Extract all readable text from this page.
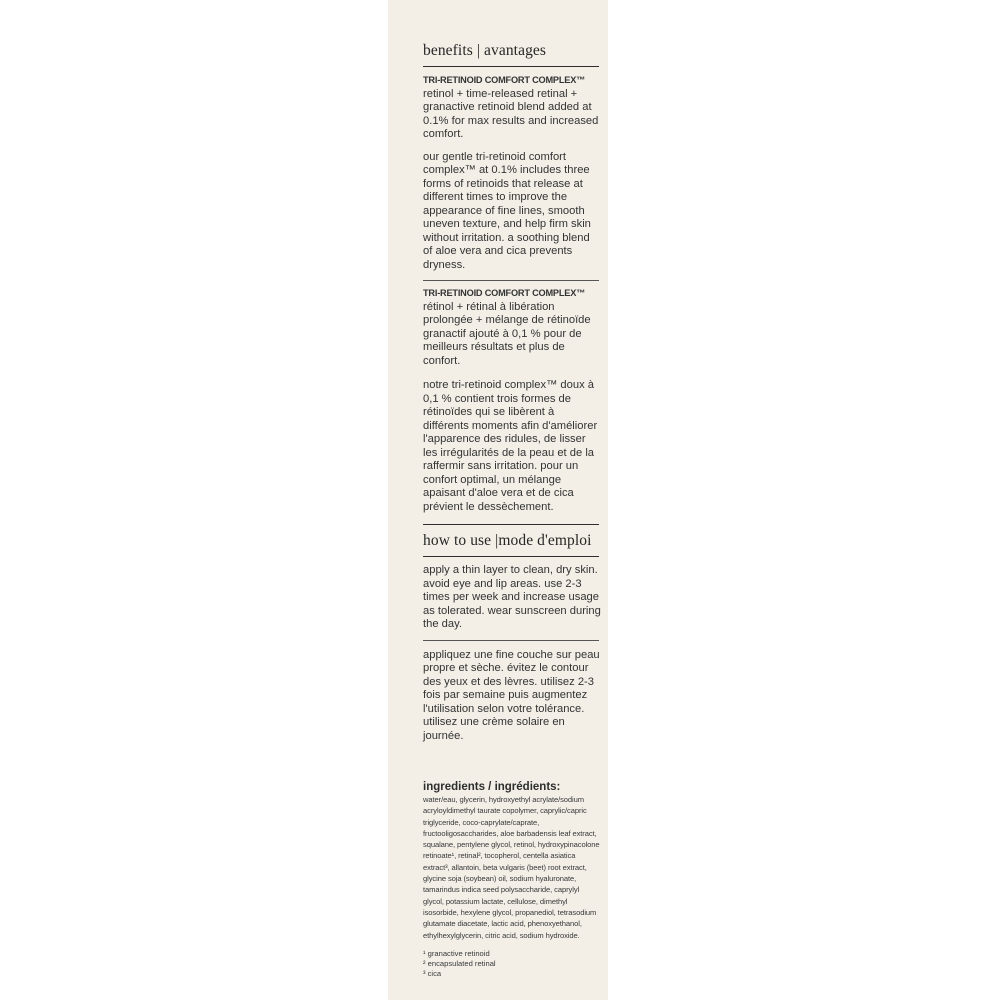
benefits | avantages
TRI-RETINOID COMFORT COMPLEX™
retinol + time-released retinal + granactive retinoid blend added at 0.1% for max results and increased comfort.
our gentle tri-retinoid comfort complex™ at 0.1% includes three forms of retinoids that release at different times to improve the appearance of fine lines, smooth uneven texture, and help firm skin without irritation. a soothing blend of aloe vera and cica prevents dryness.
TRI-RETINOID COMFORT COMPLEX™
rétinol + rétinal à libération prolongée + mélange de rétinoïde granactif ajouté à 0,1 % pour de meilleurs résultats et plus de confort.
notre tri-retinoid complex™ doux à 0,1 % contient trois formes de rétinoïdes qui se libèrent à différents moments afin d'améliorer l'apparence des ridules, de lisser les irrégularités de la peau et de la raffermir sans irritation. pour un confort optimal, un mélange apaisant d'aloe vera et de cica prévient le dessèchement.
how to use |mode d'emploi
apply a thin layer to clean, dry skin. avoid eye and lip areas. use 2-3 times per week and increase usage as tolerated. wear sunscreen during the day.
appliquez une fine couche sur peau propre et sèche. évitez le contour des yeux et des lèvres. utilisez 2-3 fois par semaine puis augmentez l'utilisation selon votre tolérance. utilisez une crème solaire en journée.
ingredients / ingrédients:
water/eau, glycerin, hydroxyethyl acrylate/sodium acryloyldimethyl taurate copolymer, caprylic/capric triglyceride, coco-caprylate/caprate, fructooligosaccharides, aloe barbadensis leaf extract, squalane, pentylene glycol, retinol, hydroxypinacolone retinoate¹, retinal², tocopherol, centella asiatica extract³, allantoin, beta vulgaris (beet) root extract, glycine soja (soybean) oil, sodium hyaluronate, tamarindus indica seed polysaccharide, caprylyl glycol, potassium lactate, cellulose, dimethyl isosorbide, hexylene glycol, propanediol, tetrasodium glutamate diacetate, lactic acid, phenoxyethanol, ethylhexylglycerin, citric acid, sodium hydroxide.
¹ granactive retinoid
² encapsulated retinal
³ cica
